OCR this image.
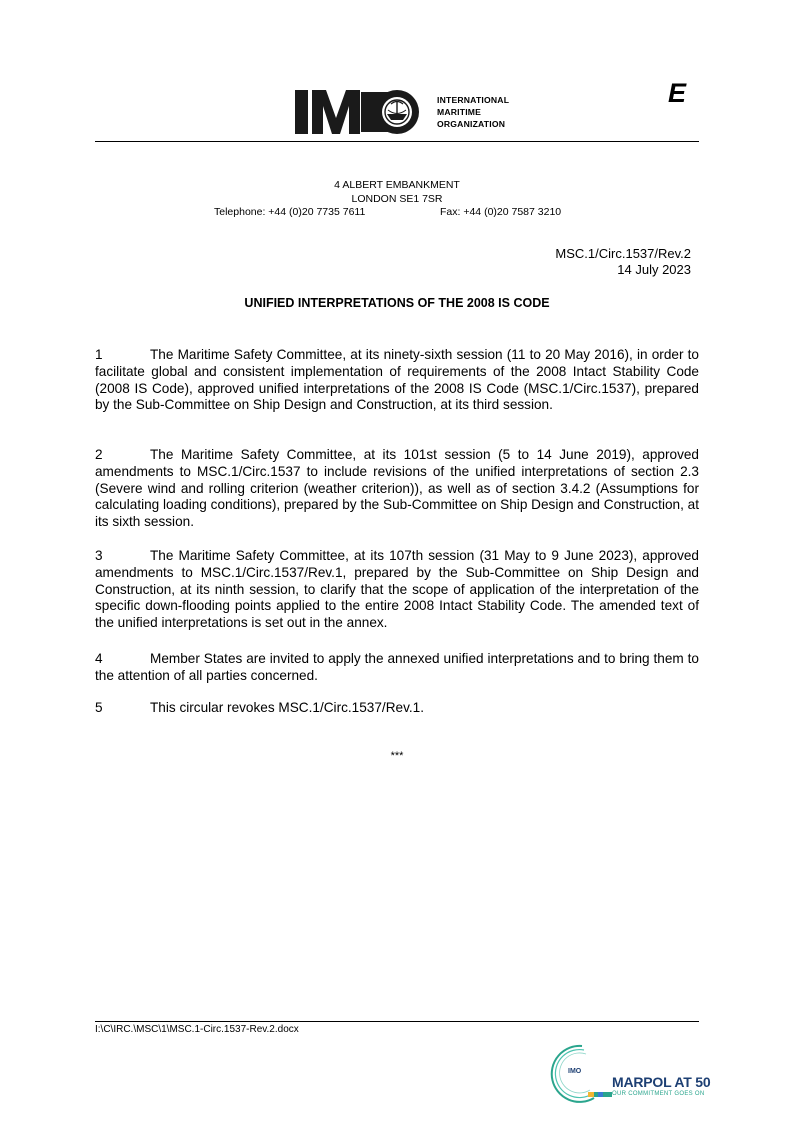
INTERNATIONAL
MARITIME
ORGANIZATION
E
4 ALBERT EMBANKMENT
LONDON SE1 7SR
Telephone: +44 (0)20 7735 7611	Fax: +44 (0)20 7587 3210
MSC.1/Circ.1537/Rev.2
14 July 2023
UNIFIED INTERPRETATIONS OF THE 2008 IS CODE
1	The Maritime Safety Committee, at its ninety-sixth session (11 to 20 May 2016), in order to facilitate global and consistent implementation of requirements of the 2008 Intact Stability Code (2008 IS Code), approved unified interpretations of the 2008 IS Code (MSC.1/Circ.1537), prepared by the Sub-Committee on Ship Design and Construction, at its third session.
2	The Maritime Safety Committee, at its 101st session (5 to 14 June 2019), approved amendments to MSC.1/Circ.1537 to include revisions of the unified interpretations of section 2.3 (Severe wind and rolling criterion (weather criterion)), as well as of section 3.4.2 (Assumptions for calculating loading conditions), prepared by the Sub-Committee on Ship Design and Construction, at its sixth session.
3	The Maritime Safety Committee, at its 107th session (31 May to 9 June 2023), approved amendments to MSC.1/Circ.1537/Rev.1, prepared by the Sub-Committee on Ship Design and Construction, at its ninth session, to clarify that the scope of application of the interpretation of the specific down-flooding points applied to the entire 2008 Intact Stability Code. The amended text of the unified interpretations is set out in the annex.
4	Member States are invited to apply the annexed unified interpretations and to bring them to the attention of all parties concerned.
5	This circular revokes MSC.1/Circ.1537/Rev.1.
***
I:\C\IRC.\MSC\1\MSC.1-Circ.1537-Rev.2.docx
IMO
MARPOL AT 50
OUR COMMITMENT GOES ON
